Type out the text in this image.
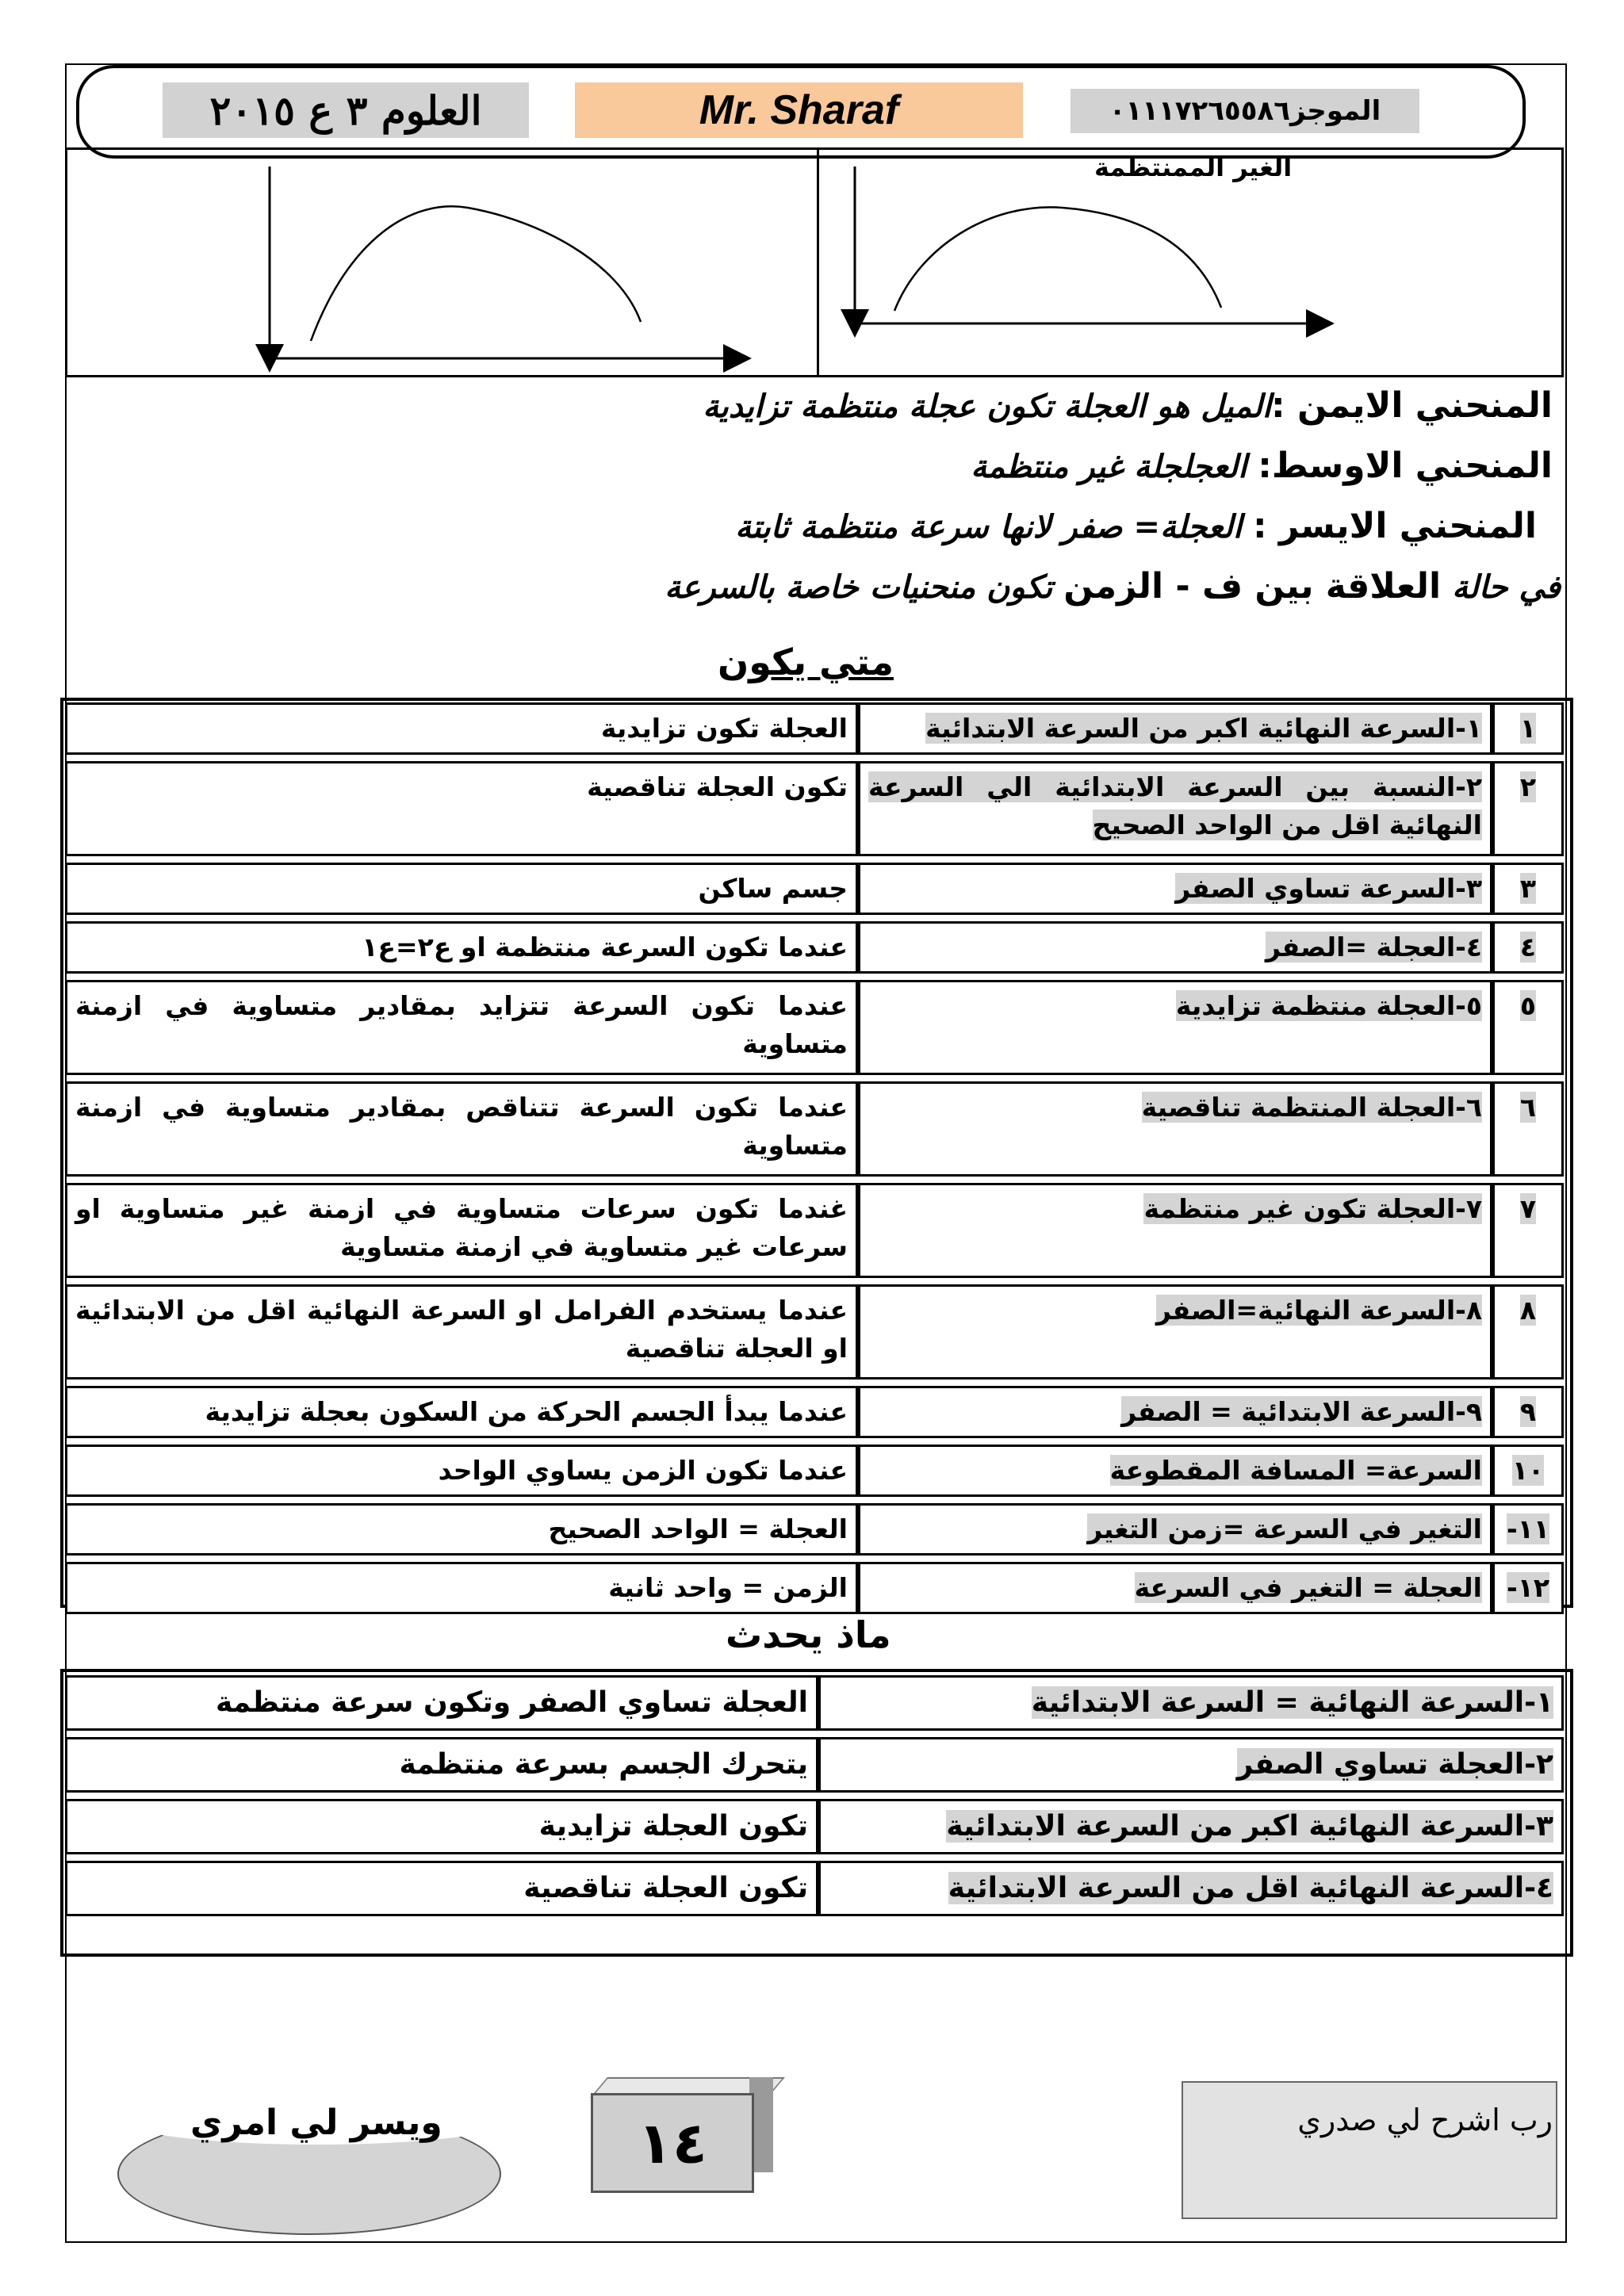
العلوم ٣ ع ٢٠١٥	Mr. Sharaf	الموجز٠١١١٧٢٦٥٥٨٦
الغير الممنتظمة
المنحني الايمن :الميل هو العجلة تكون عجلة منتظمة تزايدية
المنحني الاوسط: العجلجلة غير منتظمة
المنحني الايسر : العجلة= صفر لانها سرعة منتظمة ثابتة
في حالة العلاقة بين ف - الزمن تكون منحنيات خاصة بالسرعة
متي يكون
١	١-السرعة النهائية اكبر من السرعة الابتدائية	العجلة تكون تزايدية
٢	٢-النسبة بين السرعة الابتدائية الي السرعة النهائية اقل من الواحد الصحيح	تكون العجلة تناقصية
٣	٣-السرعة تساوي الصفر	جسم ساكن
٤	٤-العجلة =الصفر	عندما تكون السرعة منتظمة او ع٢=ع١
٥	٥-العجلة منتظمة تزايدية	عندما تكون السرعة تتزايد بمقادير متساوية في ازمنة متساوية
٦	٦-العجلة المنتظمة تناقصية	عندما تكون السرعة تتناقص بمقادير متساوية في ازمنة متساوية
٧	٧-العجلة تكون غير منتظمة	غندما تكون سرعات متساوية في ازمنة غير متساوية او سرعات غير متساوية في ازمنة متساوية
٨	٨-السرعة النهائية=الصفر	عندما يستخدم الفرامل او السرعة النهائية اقل من الابتدائية او العجلة تناقصية
٩	٩-السرعة الابتدائية = الصفر	عندما يبدأ الجسم الحركة من السكون بعجلة تزايدية
١٠	السرعة= المسافة المقطوعة	عندما تكون الزمن يساوي الواحد
١١-	التغير في السرعة =زمن التغير	العجلة = الواحد الصحيح
١٢-	العجلة = التغير في السرعة	الزمن = واحد ثانية
ماذ يحدث
١-السرعة النهائية = السرعة الابتدائية	العجلة تساوي الصفر وتكون سرعة منتظمة
٢-العجلة تساوي الصفر	يتحرك الجسم بسرعة منتظمة
٣-السرعة النهائية اكبر من السرعة الابتدائية	تكون العجلة تزايدية
٤-السرعة النهائية اقل من السرعة الابتدائية	تكون العجلة تناقصية
رب اشرح لي صدري
١٤
ويسر لي امري
